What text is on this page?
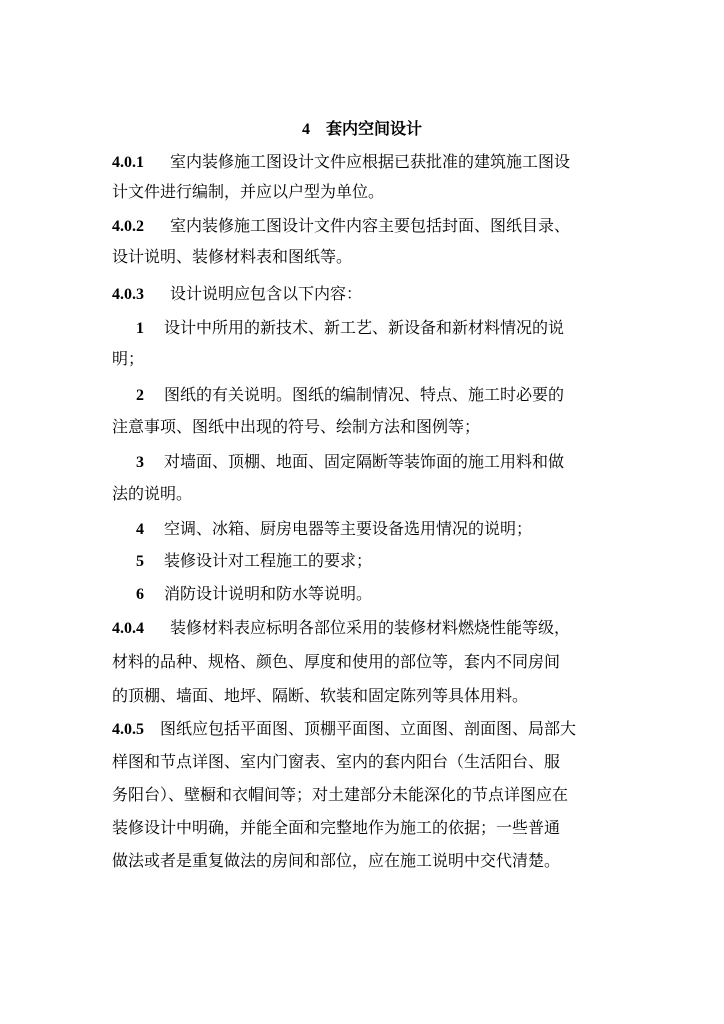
4 套内空间设计
4.0.1 室内装修施工图设计文件应根据已获批准的建筑施工图设
计文件进行编制，并应以户型为单位。
4.0.2 室内装修施工图设计文件内容主要包括封面、图纸目录、
设计说明、装修材料表和图纸等。
4.0.3 设计说明应包含以下内容：
1 设计中所用的新技术、新工艺、新设备和新材料情况的说
明；
2 图纸的有关说明。图纸的编制情况、特点、施工时必要的
注意事项、图纸中出现的符号、绘制方法和图例等；
3 对墙面、顶棚、地面、固定隔断等装饰面的施工用料和做
法的说明。
4 空调、冰箱、厨房电器等主要设备选用情况的说明；
5 装修设计对工程施工的要求；
6 消防设计说明和防水等说明。
4.0.4 装修材料表应标明各部位采用的装修材料燃烧性能等级，
材料的品种、规格、颜色、厚度和使用的部位等，套内不同房间
的顶棚、墙面、地坪、隔断、软装和固定陈列等具体用料。
4.0.5 图纸应包括平面图、顶棚平面图、立面图、剖面图、局部大
样图和节点详图、室内门窗表、室内的套内阳台（生活阳台、服
务阳台）、壁橱和衣帽间等；对土建部分未能深化的节点详图应在
装修设计中明确，并能全面和完整地作为施工的依据；一些普通
做法或者是重复做法的房间和部位，应在施工说明中交代清楚。
